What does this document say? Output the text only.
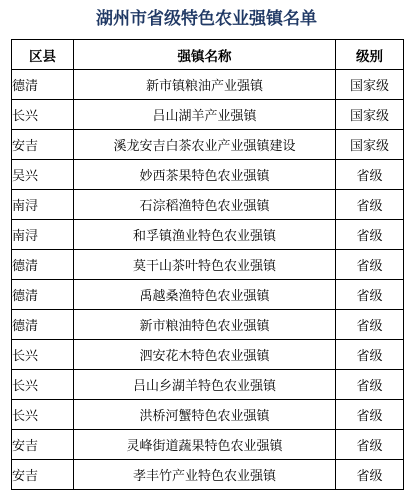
湖州市省级特色农业强镇名单
区县	强镇名称	级别
德清	新市镇粮油产业强镇	国家级
长兴	吕山湖羊产业强镇	国家级
安吉	溪龙安吉白茶农业产业强镇建设	国家级
吴兴	妙西茶果特色农业强镇	省级
南浔	石淙稻渔特色农业强镇	省级
南浔	和孚镇渔业特色农业强镇	省级
德清	莫干山茶叶特色农业强镇	省级
德清	禹越桑渔特色农业强镇	省级
德清	新市粮油特色农业强镇	省级
长兴	泗安花木特色农业强镇	省级
长兴	吕山乡湖羊特色农业强镇	省级
长兴	洪桥河蟹特色农业强镇	省级
安吉	灵峰街道蔬果特色农业强镇	省级
安吉	孝丰竹产业特色农业强镇	省级
